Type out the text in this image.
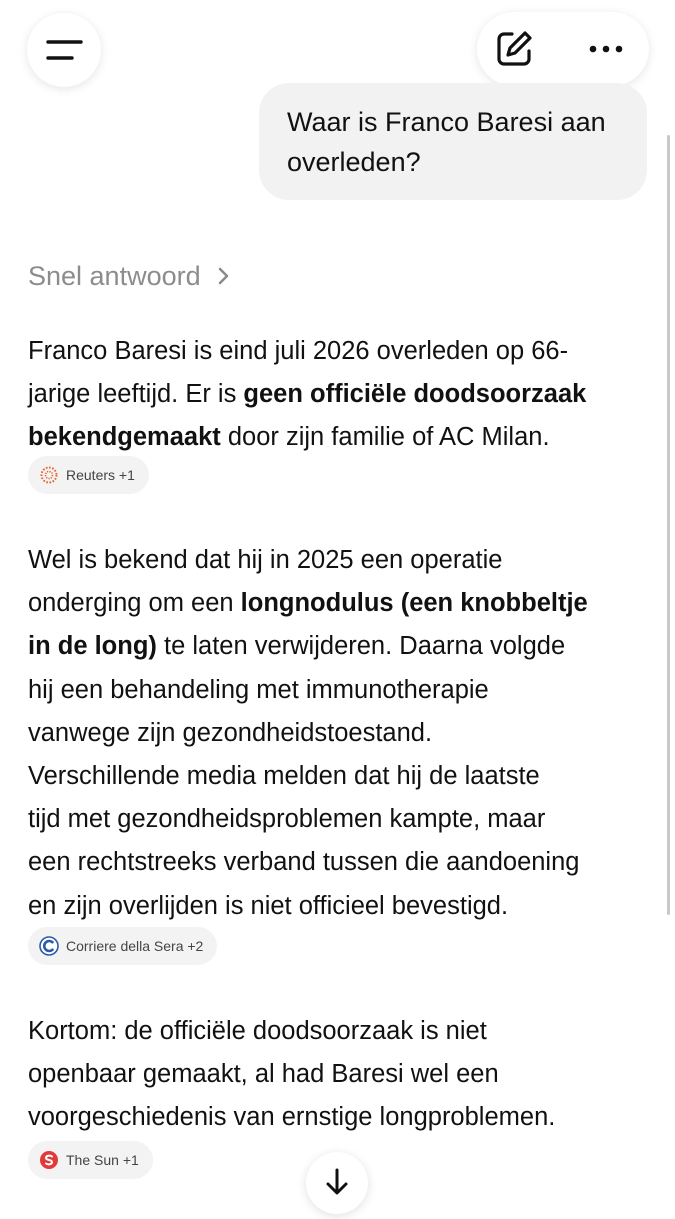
Waar is Franco Baresi aan overleden?
Snel antwoord

Franco Baresi is eind juli 2026 overleden op 66-
jarige leeftijd. Er is geen officiële doodsoorzaak
bekendgemaakt door zijn familie of AC Milan.

Reuters +1

Wel is bekend dat hij in 2025 een operatie
onderging om een longnodulus (een knobbeltje
in de long) te laten verwijderen. Daarna volgde
hij een behandeling met immunotherapie
vanwege zijn gezondheidstoestand.
Verschillende media melden dat hij de laatste
tijd met gezondheidsproblemen kampte, maar
een rechtstreeks verband tussen die aandoening
en zijn overlijden is niet officieel bevestigd.

Corriere della Sera +2

Kortom: de officiële doodsoorzaak is niet
openbaar gemaakt, al had Baresi wel een
voorgeschiedenis van ernstige longproblemen.

The Sun +1
